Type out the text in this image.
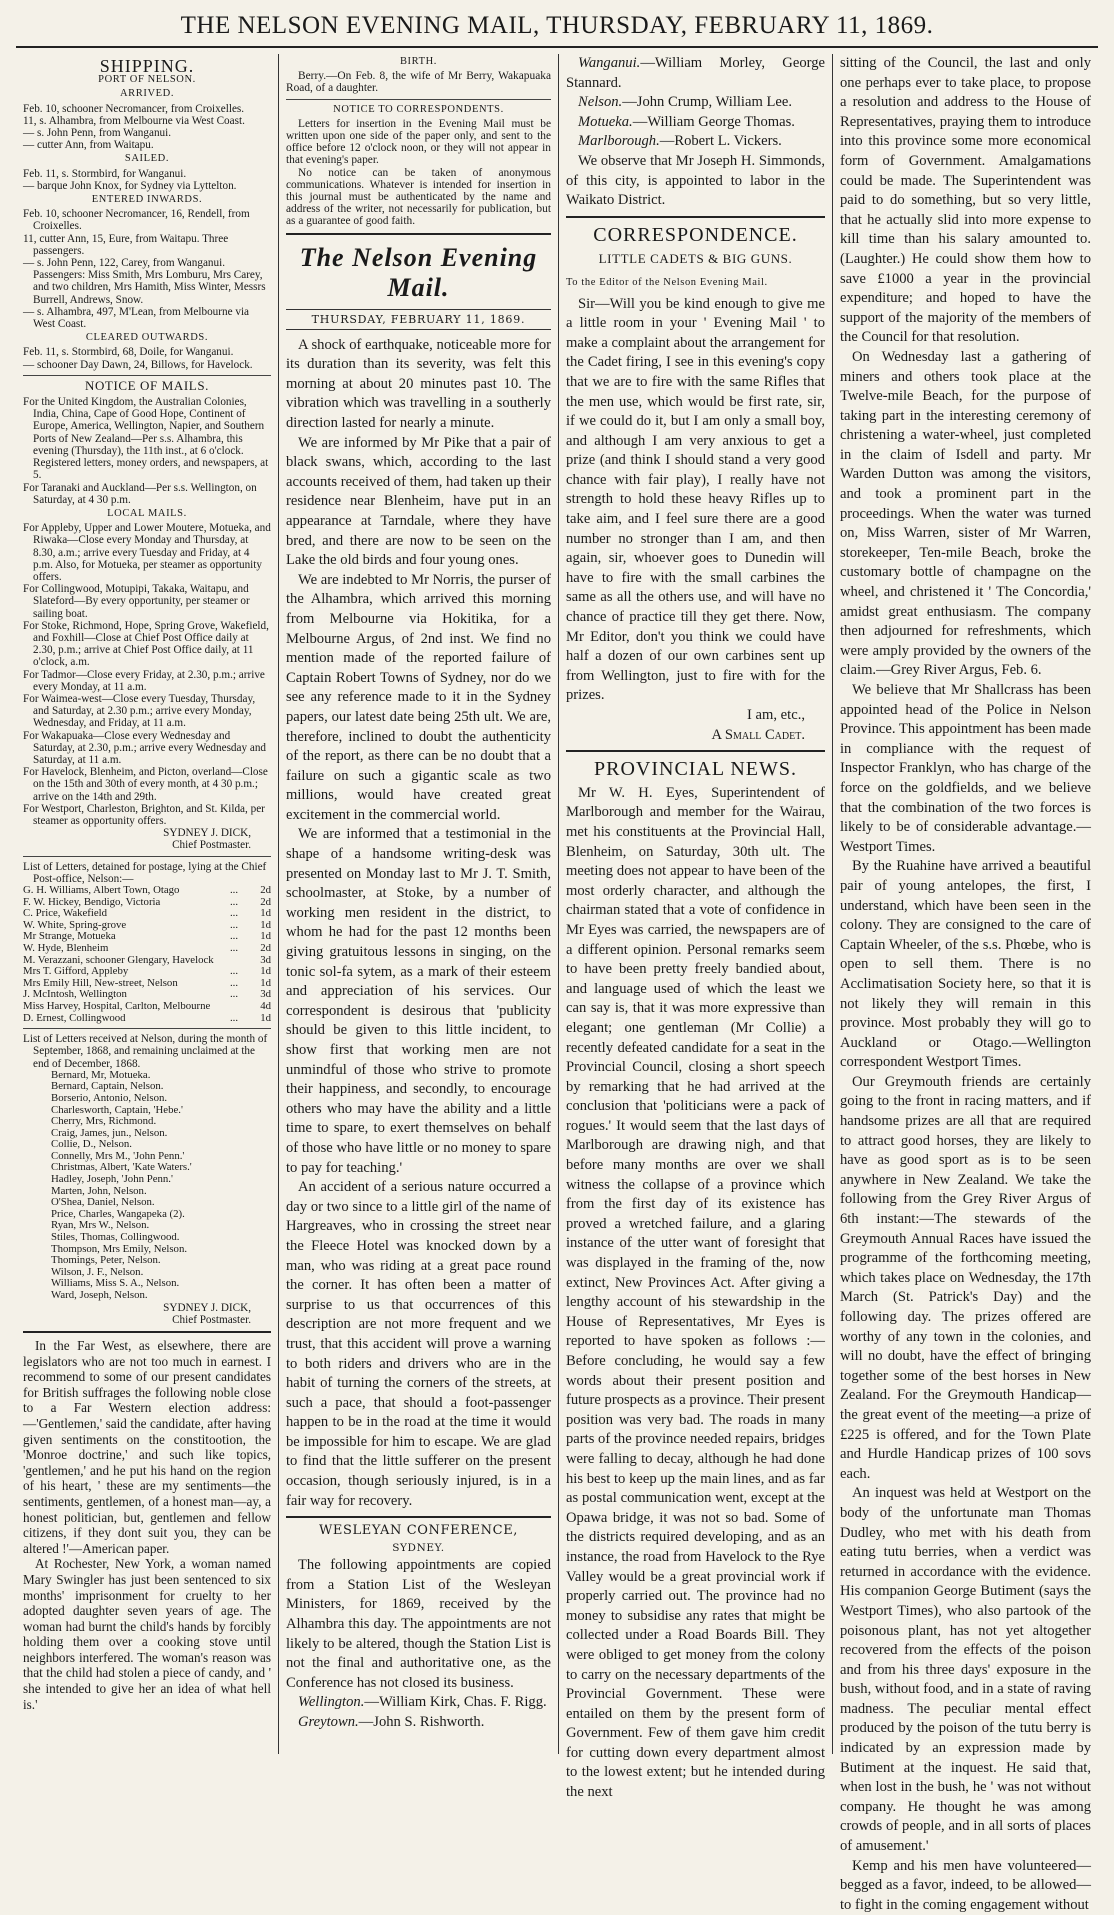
THE NELSON EVENING MAIL, THURSDAY, FEBRUARY 11, 1869.
SHIPPING.
PORT OF NELSON.
ARRIVED.
Feb. 10, schooner Necromancer, from Croixelles.
11, s. Alhambra, from Melbourne via West Coast.
— s. John Penn, from Wanganui.
— cutter Ann, from Waitapu.
SAILED.
Feb. 11, s. Stormbird, for Wanganui.
— barque John Knox, for Sydney via Lyttelton.
ENTERED INWARDS.
Feb. 10, schooner Necromancer, 16, Rendell, from Croixelles.
11, cutter Ann, 15, Eure, from Waitapu. Three passengers.
— s. John Penn, 122, Carey, from Wanganui. Passengers: Miss Smith, Mrs Lomburu, Mrs Carey, and two children, Mrs Hamith, Miss Winter, Messrs Burrell, Andrews, Snow.
— s. Alhambra, 497, M'Lean, from Melbourne via West Coast.
CLEARED OUTWARDS.
Feb. 11, s. Stormbird, 68, Doile, for Wanganui.
— schooner Day Dawn, 24, Billows, for Havelock.
NOTICE OF MAILS.
For the United Kingdom, the Australian Colonies, India, China, Cape of Good Hope, Continent of Europe, America, Wellington, Napier, and Southern Ports of New Zealand—Per s.s. Alhambra, this evening (Thursday), the 11th inst., at 6 o'clock. Registered letters, money orders, and newspapers, at 5.
For Taranaki and Auckland—Per s.s. Wellington, on Saturday, at 4 30 p.m.
LOCAL MAILS.
For Appleby, Upper and Lower Moutere, Motueka, and Riwaka—Close every Monday and Thursday, at 8.30, a.m.; arrive every Tuesday and Friday, at 4 p.m. Also, for Motueka, per steamer as opportunity offers.
For Collingwood, Motupipi, Takaka, Waitapu, and Slateford—By every opportunity, per steamer or sailing boat.
For Stoke, Richmond, Hope, Spring Grove, Wakefield, and Foxhill—Close at Chief Post Office daily at 2.30, p.m.; arrive at Chief Post Office daily, at 11 o'clock, a.m.
For Tadmor—Close every Friday, at 2.30, p.m.; arrive every Monday, at 11 a.m.
For Waimea-west—Close every Tuesday, Thursday, and Saturday, at 2.30 p.m.; arrive every Monday, Wednesday, and Friday, at 11 a.m.
For Wakapuaka—Close every Wednesday and Saturday, at 2.30, p.m.; arrive every Wednesday and Saturday, at 11 a.m.
For Havelock, Blenheim, and Picton, overland—Close on the 15th and 30th of every month, at 4 30 p.m.; arrive on the 14th and 29th.
For Westport, Charleston, Brighton, and St. Kilda, per steamer as opportunity offers.
SYDNEY J. DICK,
Chief Postmaster.
List of Letters, detained for postage, lying at the Chief Post-office, Nelson:—
G. H. Williams, Albert Town, Otago	...	2d
F. W. Hickey, Bendigo, Victoria	...	2d
C. Price, Wakefield	...	1d
W. White, Spring-grove	...	1d
Mr Strange, Motueka	...	1d
W. Hyde, Blenheim	...	2d
M. Verazzani, schooner Glengary, Havelock		3d
Mrs T. Gifford, Appleby	...	1d
Mrs Emily Hill, New-street, Nelson	...	1d
J. McIntosh, Wellington	...	3d
Miss Harvey, Hospital, Carlton, Melbourne		4d
D. Ernest, Collingwood	...	1d
List of Letters received at Nelson, during the month of September, 1868, and remaining unclaimed at the end of December, 1868.
Bernard, Mr, Motueka.
Bernard, Captain, Nelson.
Borserio, Antonio, Nelson.
Charlesworth, Captain, 'Hebe.'
Cherry, Mrs, Richmond.
Craig, James, jun., Nelson.
Collie, D., Nelson.
Connelly, Mrs M., 'John Penn.'
Christmas, Albert, 'Kate Waters.'
Hadley, Joseph, 'John Penn.'
Marten, John, Nelson.
O'Shea, Daniel, Nelson.
Price, Charles, Wangapeka (2).
Ryan, Mrs W., Nelson.
Stiles, Thomas, Collingwood.
Thompson, Mrs Emily, Nelson.
Thomings, Peter, Nelson.
Wilson, J. F., Nelson.
Williams, Miss S. A., Nelson.
Ward, Joseph, Nelson.
SYDNEY J. DICK,
Chief Postmaster.

In the Far West, as elsewhere, there are legislators who are not too much in earnest. I recommend to some of our present candidates for British suffrages the following noble close to a Far Western election address:—'Gentlemen,' said the candidate, after having given sentiments on the constitootion, the 'Monroe doctrine,' and such like topics, 'gentlemen,' and he put his hand on the region of his heart, ' these are my sentiments—the sentiments, gentlemen, of a honest man—ay, a honest politician, but, gentlemen and fellow citizens, if they dont suit you, they can be altered !'—American paper.

At Rochester, New York, a woman named Mary Swingler has just been sentenced to six months' imprisonment for cruelty to her adopted daughter seven years of age. The woman had burnt the child's hands by forcibly holding them over a cooking stove until neighbors interfered. The woman's reason was that the child had stolen a piece of candy, and ' she intended to give her an idea of what hell is.'

BIRTH.

Berry.—On Feb. 8, the wife of Mr Berry, Wakapuaka Road, of a daughter.

NOTICE TO CORRESPONDENTS.

Letters for insertion in the Evening Mail must be written upon one side of the paper only, and sent to the office before 12 o'clock noon, or they will not appear in that evening's paper.

No notice can be taken of anonymous communications. Whatever is intended for insertion in this journal must be authenticated by the name and address of the writer, not necessarily for publication, but as a guarantee of good faith.

The Nelson Evening Mail.
THURSDAY, FEBRUARY 11, 1869.

A shock of earthquake, noticeable more for its duration than its severity, was felt this morning at about 20 minutes past 10. The vibration which was travelling in a southerly direction lasted for nearly a minute.

We are informed by Mr Pike that a pair of black swans, which, according to the last accounts received of them, had taken up their residence near Blenheim, have put in an appearance at Tarndale, where they have bred, and there are now to be seen on the Lake the old birds and four young ones.

We are indebted to Mr Norris, the purser of the Alhambra, which arrived this morning from Melbourne via Hokitika, for a Melbourne Argus, of 2nd inst. We find no mention made of the reported failure of Captain Robert Towns of Sydney, nor do we see any reference made to it in the Sydney papers, our latest date being 25th ult. We are, therefore, inclined to doubt the authenticity of the report, as there can be no doubt that a failure on such a gigantic scale as two millions, would have created great excitement in the commercial world.

We are informed that a testimonial in the shape of a handsome writing-desk was presented on Monday last to Mr J. T. Smith, schoolmaster, at Stoke, by a number of working men resident in the district, to whom he had for the past 12 months been giving gratuitous lessons in singing, on the tonic sol-fa sytem, as a mark of their esteem and appreciation of his services. Our correspondent is desirous that 'publicity should be given to this little incident, to show first that working men are not unmindful of those who strive to promote their happiness, and secondly, to encourage others who may have the ability and a little time to spare, to exert themselves on behalf of those who have little or no money to spare to pay for teaching.'

An accident of a serious nature occurred a day or two since to a little girl of the name of Hargreaves, who in crossing the street near the Fleece Hotel was knocked down by a man, who was riding at a great pace round the corner. It has often been a matter of surprise to us that occurrences of this description are not more frequent and we trust, that this accident will prove a warning to both riders and drivers who are in the habit of turning the corners of the streets, at such a pace, that should a foot-passenger happen to be in the road at the time it would be impossible for him to escape. We are glad to find that the little sufferer on the present occasion, though seriously injured, is in a fair way for recovery.

WESLEYAN CONFERENCE,
SYDNEY.

The following appointments are copied from a Station List of the Wesleyan Ministers, for 1869, received by the Alhambra this day. The appointments are not likely to be altered, though the Station List is not the final and authoritative one, as the Conference has not closed its business.

Wellington.—William Kirk, Chas. F. Rigg.

Greytown.—John S. Rishworth.

Wanganui.—William Morley, George Stannard.

Nelson.—John Crump, William Lee.

Motueka.—William George Thomas.

Marlborough.—Robert L. Vickers.

We observe that Mr Joseph H. Simmonds, of this city, is appointed to labor in the Waikato District.

CORRESPONDENCE.
LITTLE CADETS & BIG GUNS.
To the Editor of the Nelson Evening Mail.

Sir—Will you be kind enough to give me a little room in your ' Evening Mail ' to make a complaint about the arrangement for the Cadet firing, I see in this evening's copy that we are to fire with the same Rifles that the men use, which would be first rate, sir, if we could do it, but I am only a small boy, and although I am very anxious to get a prize (and think I should stand a very good chance with fair play), I really have not strength to hold these heavy Rifles up to take aim, and I feel sure there are a good number no stronger than I am, and then again, sir, whoever goes to Dunedin will have to fire with the small carbines the same as all the others use, and will have no chance of practice till they get there. Now, Mr Editor, don't you think we could have half a dozen of our own carbines sent up from Wellington, just to fire with for the prizes.

I am, etc.,
A Small Cadet.
PROVINCIAL NEWS.

Mr W. H. Eyes, Superintendent of Marlborough and member for the Wairau, met his constituents at the Provincial Hall, Blenheim, on Saturday, 30th ult. The meeting does not appear to have been of the most orderly character, and although the chairman stated that a vote of confidence in Mr Eyes was carried, the newspapers are of a different opinion. Personal remarks seem to have been pretty freely bandied about, and language used of which the least we can say is, that it was more expressive than elegant; one gentleman (Mr Collie) a recently defeated candidate for a seat in the Provincial Council, closing a short speech by remarking that he had arrived at the conclusion that 'politicians were a pack of rogues.' It would seem that the last days of Marlborough are drawing nigh, and that before many months are over we shall witness the collapse of a province which from the first day of its existence has proved a wretched failure, and a glaring instance of the utter want of foresight that was displayed in the framing of the, now extinct, New Provinces Act. After giving a lengthy account of his stewardship in the House of Representatives, Mr Eyes is reported to have spoken as follows :—Before concluding, he would say a few words about their present position and future prospects as a province. Their present position was very bad. The roads in many parts of the province needed repairs, bridges were falling to decay, although he had done his best to keep up the main lines, and as far as postal communication went, except at the Opawa bridge, it was not so bad. Some of the districts required developing, and as an instance, the road from Havelock to the Rye Valley would be a great provincial work if properly carried out. The province had no money to subsidise any rates that might be collected under a Road Boards Bill. They were obliged to get money from the colony to carry on the necessary departments of the Provincial Government. These were entailed on them by the present form of Government. Few of them gave him credit for cutting down every department almost to the lowest extent; but he intended during the next

sitting of the Council, the last and only one perhaps ever to take place, to propose a resolution and address to the House of Representatives, praying them to introduce into this province some more economical form of Government. Amalgamations could be made. The Superintendent was paid to do something, but so very little, that he actually slid into more expense to kill time than his salary amounted to. (Laughter.) He could show them how to save £1000 a year in the provincial expenditure; and hoped to have the support of the majority of the members of the Council for that resolution.

On Wednesday last a gathering of miners and others took place at the Twelve-mile Beach, for the purpose of taking part in the interesting ceremony of christening a water-wheel, just completed in the claim of Isdell and party. Mr Warden Dutton was among the visitors, and took a prominent part in the proceedings. When the water was turned on, Miss Warren, sister of Mr Warren, storekeeper, Ten-mile Beach, broke the customary bottle of champagne on the wheel, and christened it ' The Concordia,' amidst great enthusiasm. The company then adjourned for refreshments, which were amply provided by the owners of the claim.—Grey River Argus, Feb. 6.

We believe that Mr Shallcrass has been appointed head of the Police in Nelson Province. This appointment has been made in compliance with the request of Inspector Franklyn, who has charge of the force on the goldfields, and we believe that the combination of the two forces is likely to be of considerable advantage.—Westport Times.

By the Ruahine have arrived a beautiful pair of young antelopes, the first, I understand, which have been seen in the colony. They are consigned to the care of Captain Wheeler, of the s.s. Phœbe, who is open to sell them. There is no Acclimatisation Society here, so that it is not likely they will remain in this province. Most probably they will go to Auckland or Otago.—Wellington correspondent Westport Times.

Our Greymouth friends are certainly going to the front in racing matters, and if handsome prizes are all that are required to attract good horses, they are likely to have as good sport as is to be seen anywhere in New Zealand. We take the following from the Grey River Argus of 6th instant:—The stewards of the Greymouth Annual Races have issued the programme of the forthcoming meeting, which takes place on Wednesday, the 17th March (St. Patrick's Day) and the following day. The prizes offered are worthy of any town in the colonies, and will no doubt, have the effect of bringing together some of the best horses in New Zealand. For the Greymouth Handicap—the great event of the meeting—a prize of £225 is offered, and for the Town Plate and Hurdle Handicap prizes of 100 sovs each.

An inquest was held at Westport on the body of the unfortunate man Thomas Dudley, who met with his death from eating tutu berries, when a verdict was returned in accordance with the evidence. His companion George Butiment (says the Westport Times), who also partook of the poisonous plant, has not yet altogether recovered from the effects of the poison and from his three days' exposure in the bush, without food, and in a state of raving madness. The peculiar mental effect produced by the poison of the tutu berry is indicated by an expression made by Butiment at the inquest. He said that, when lost in the bush, he ' was not without company. He thought he was among crowds of people, and in all sorts of places of amusement.'

Kemp and his men have volunteered—begged as a favor, indeed, to be allowed—to fight in the coming engagement without
